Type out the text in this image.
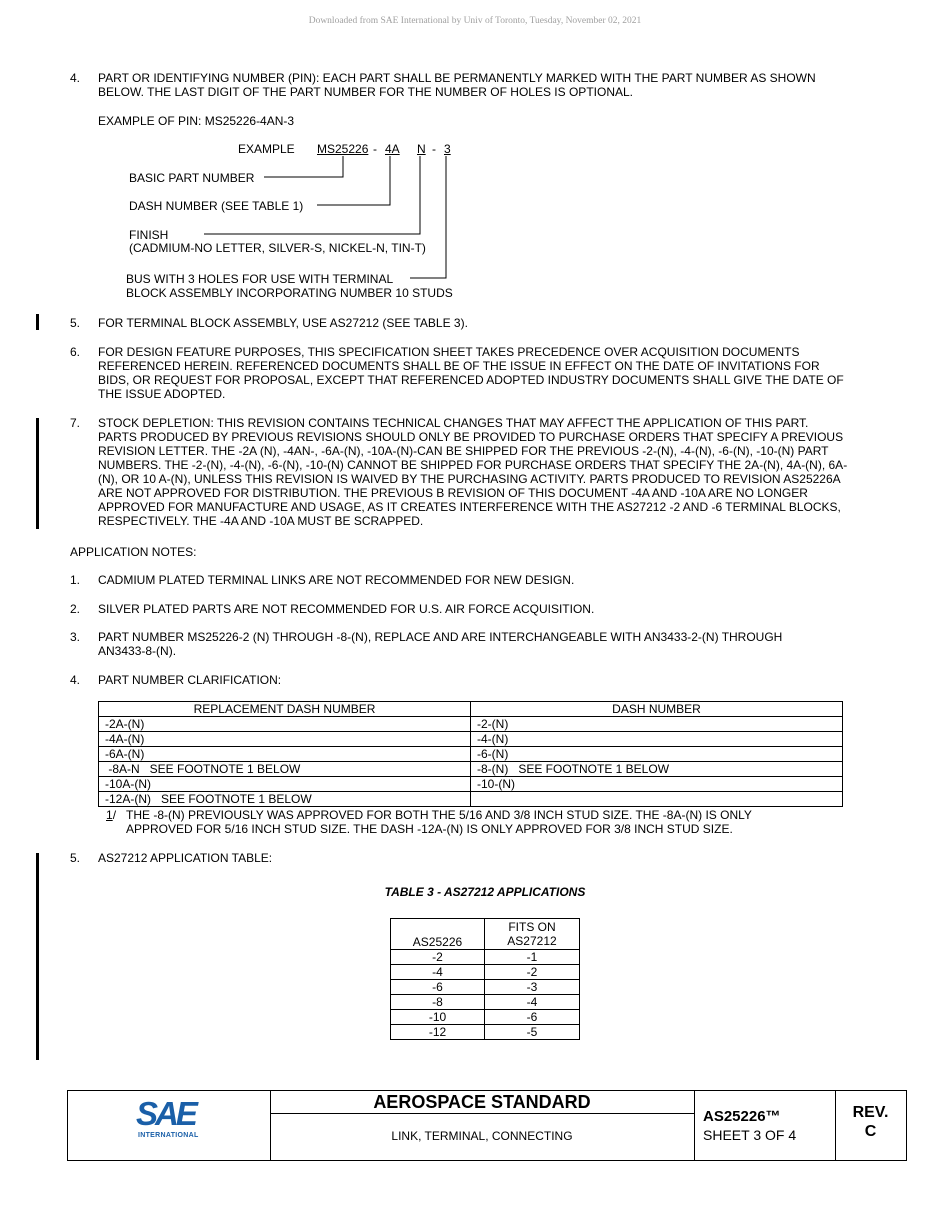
Downloaded from SAE International by Univ of Toronto, Tuesday, November 02, 2021
4. PART OR IDENTIFYING NUMBER (PIN): EACH PART SHALL BE PERMANENTLY MARKED WITH THE PART NUMBER AS SHOWN
BELOW. THE LAST DIGIT OF THE PART NUMBER FOR THE NUMBER OF HOLES IS OPTIONAL.
EXAMPLE OF PIN: MS25226-4AN-3
EXAMPLE MS25226 - 4A N - 3
BASIC PART NUMBER
DASH NUMBER (SEE TABLE 1)
FINISH
(CADMIUM-NO LETTER, SILVER-S, NICKEL-N, TIN-T)
BUS WITH 3 HOLES FOR USE WITH TERMINAL
BLOCK ASSEMBLY INCORPORATING NUMBER 10 STUDS
5. FOR TERMINAL BLOCK ASSEMBLY, USE AS27212 (SEE TABLE 3).
6. FOR DESIGN FEATURE PURPOSES, THIS SPECIFICATION SHEET TAKES PRECEDENCE OVER ACQUISITION DOCUMENTS
REFERENCED HEREIN. REFERENCED DOCUMENTS SHALL BE OF THE ISSUE IN EFFECT ON THE DATE OF INVITATIONS FOR
BIDS, OR REQUEST FOR PROPOSAL, EXCEPT THAT REFERENCED ADOPTED INDUSTRY DOCUMENTS SHALL GIVE THE DATE OF
THE ISSUE ADOPTED.
7. STOCK DEPLETION: THIS REVISION CONTAINS TECHNICAL CHANGES THAT MAY AFFECT THE APPLICATION OF THIS PART.
PARTS PRODUCED BY PREVIOUS REVISIONS SHOULD ONLY BE PROVIDED TO PURCHASE ORDERS THAT SPECIFY A PREVIOUS
REVISION LETTER. THE -2A (N), -4AN-, -6A-(N), -10A-(N)-CAN BE SHIPPED FOR THE PREVIOUS -2-(N), -4-(N), -6-(N), -10-(N) PART
NUMBERS. THE -2-(N), -4-(N), -6-(N), -10-(N) CANNOT BE SHIPPED FOR PURCHASE ORDERS THAT SPECIFY THE 2A-(N), 4A-(N), 6A-
(N), OR 10 A-(N), UNLESS THIS REVISION IS WAIVED BY THE PURCHASING ACTIVITY. PARTS PRODUCED TO REVISION AS25226A
ARE NOT APPROVED FOR DISTRIBUTION. THE PREVIOUS B REVISION OF THIS DOCUMENT -4A AND -10A ARE NO LONGER
APPROVED FOR MANUFACTURE AND USAGE, AS IT CREATES INTERFERENCE WITH THE AS27212 -2 AND -6 TERMINAL BLOCKS,
RESPECTIVELY. THE -4A AND -10A MUST BE SCRAPPED.
APPLICATION NOTES:
1. CADMIUM PLATED TERMINAL LINKS ARE NOT RECOMMENDED FOR NEW DESIGN.
2. SILVER PLATED PARTS ARE NOT RECOMMENDED FOR U.S. AIR FORCE ACQUISITION.
3. PART NUMBER MS25226-2 (N) THROUGH -8-(N), REPLACE AND ARE INTERCHANGEABLE WITH AN3433-2-(N) THROUGH
AN3433-8-(N).
4. PART NUMBER CLARIFICATION:
REPLACEMENT DASH NUMBER	DASH NUMBER
-2A-(N)	-2-(N)
-4A-(N)	-4-(N)
-6A-(N)	-6-(N)
-8A-N   SEE FOOTNOTE 1 BELOW	-8-(N)   SEE FOOTNOTE 1 BELOW
-10A-(N)	-10-(N)
-12A-(N)   SEE FOOTNOTE 1 BELOW	
1/ THE -8-(N) PREVIOUSLY WAS APPROVED FOR BOTH THE 5/16 AND 3/8 INCH STUD SIZE. THE -8A-(N) IS ONLY
APPROVED FOR 5/16 INCH STUD SIZE. THE DASH -12A-(N) IS ONLY APPROVED FOR 3/8 INCH STUD SIZE.
5. AS27212 APPLICATION TABLE:
TABLE 3 - AS27212 APPLICATIONS
AS25226	FITS ON
AS27212

-2	-1
-4	-2
-6	-3
-8	-4
-10	-6
-12	-5
SAE
INTERNATIONAL
AEROSPACE STANDARD
LINK, TERMINAL, CONNECTING
AS25226™
SHEET 3 OF 4
REV.
C
